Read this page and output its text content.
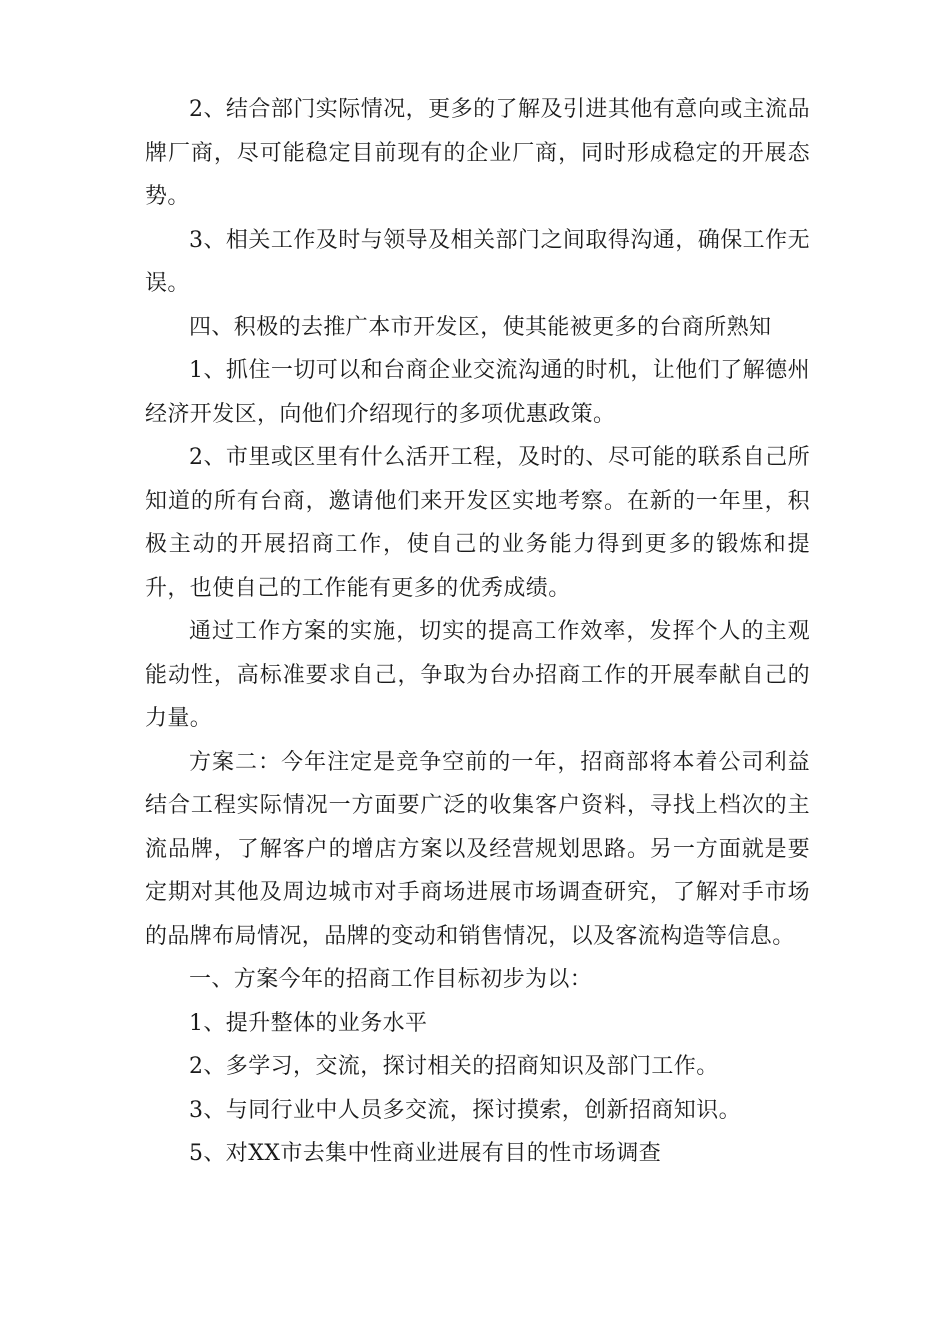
2、结合部门实际情况，更多的了解及引进其他有意向或主流品牌厂商，尽可能稳定目前现有的企业厂商，同时形成稳定的开展态势。

3、相关工作及时与领导及相关部门之间取得沟通，确保工作无误。

四、积极的去推广本市开发区，使其能被更多的台商所熟知

1、抓住一切可以和台商企业交流沟通的时机，让他们了解德州经济开发区，向他们介绍现行的多项优惠政策。

2、市里或区里有什么活开工程，及时的、尽可能的联系自己所知道的所有台商，邀请他们来开发区实地考察。在新的一年里，积极主动的开展招商工作，使自己的业务能力得到更多的锻炼和提升，也使自己的工作能有更多的优秀成绩。

通过工作方案的实施，切实的提高工作效率，发挥个人的主观能动性，高标准要求自己，争取为台办招商工作的开展奉献自己的力量。

方案二：今年注定是竞争空前的一年，招商部将本着公司利益结合工程实际情况一方面要广泛的收集客户资料，寻找上档次的主流品牌，了解客户的增店方案以及经营规划思路。另一方面就是要定期对其他及周边城市对手商场进展市场调查研究，了解对手市场的品牌布局情况，品牌的变动和销售情况，以及客流构造等信息。

一、方案今年的招商工作目标初步为以：

1、提升整体的业务水平

2、多学习，交流，探讨相关的招商知识及部门工作。

3、与同行业中人员多交流，探讨摸索，创新招商知识。

5、对XX市去集中性商业进展有目的性市场调查
